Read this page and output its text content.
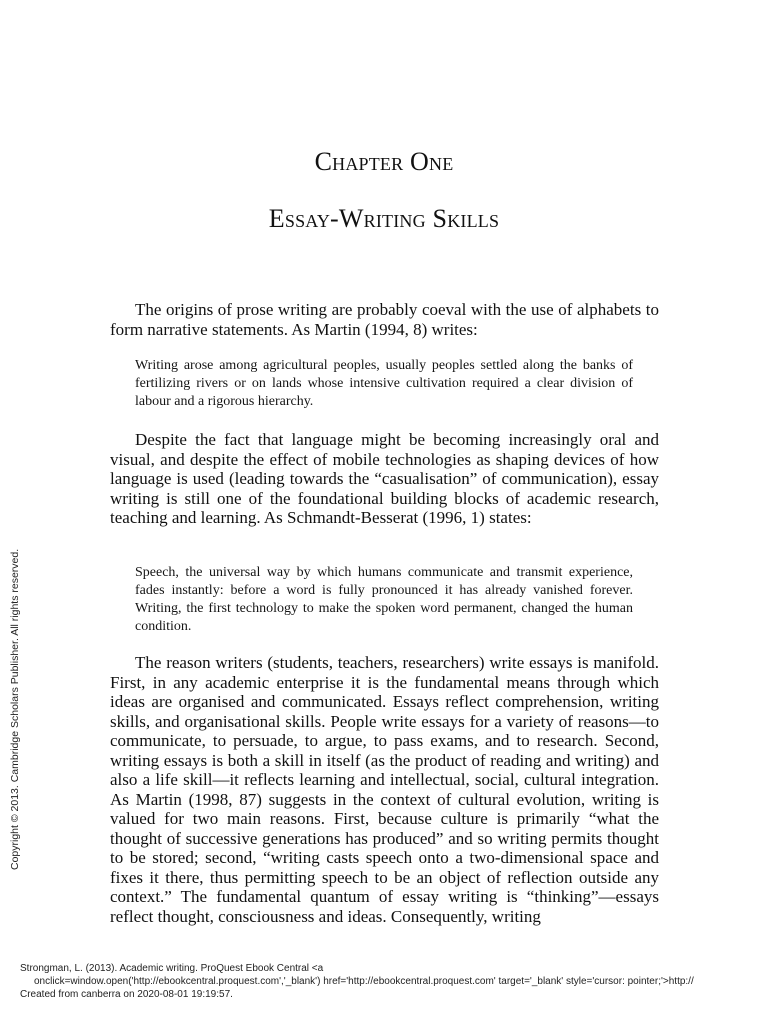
Copyright © 2013. Cambridge Scholars Publisher. All rights reserved.
Chapter One
Essay-Writing Skills

The origins of prose writing are probably coeval with the use of alphabets to form narrative statements. As Martin (1994, 8) writes:

Writing arose among agricultural peoples, usually peoples settled along the banks of fertilizing rivers or on lands whose intensive cultivation required a clear division of labour and a rigorous hierarchy.

Despite the fact that language might be becoming increasingly oral and visual, and despite the effect of mobile technologies as shaping devices of how language is used (leading towards the “casualisation” of communication), essay writing is still one of the foundational building blocks of academic research, teaching and learning. As Schmandt-Besserat (1996, 1) states:

Speech, the universal way by which humans communicate and transmit experience, fades instantly: before a word is fully pronounced it has already vanished forever. Writing, the first technology to make the spoken word permanent, changed the human condition.

The reason writers (students, teachers, researchers) write essays is manifold. First, in any academic enterprise it is the fundamental means through which ideas are organised and communicated. Essays reflect comprehension, writing skills, and organisational skills. People write essays for a variety of reasons—to communicate, to persuade, to argue, to pass exams, and to research. Second, writing essays is both a skill in itself (as the product of reading and writing) and also a life skill—it reflects learning and intellectual, social, cultural integration. As Martin (1998, 87) suggests in the context of cultural evolution, writing is valued for two main reasons. First, because culture is primarily “what the thought of successive generations has produced” and so writing permits thought to be stored; second, “writing casts speech onto a two-dimensional space and fixes it there, thus permitting speech to be an object of reflection outside any context.” The fundamental quantum of essay writing is “thinking”—essays reflect thought, consciousness and ideas. Consequently, writing

Strongman, L. (2013). Academic writing. ProQuest Ebook Central <a
onclick=window.open('http://ebookcentral.proquest.com','_blank') href='http://ebookcentral.proquest.com' target='_blank' style='cursor: pointer;'>http://
Created from canberra on 2020-08-01 19:19:57.
